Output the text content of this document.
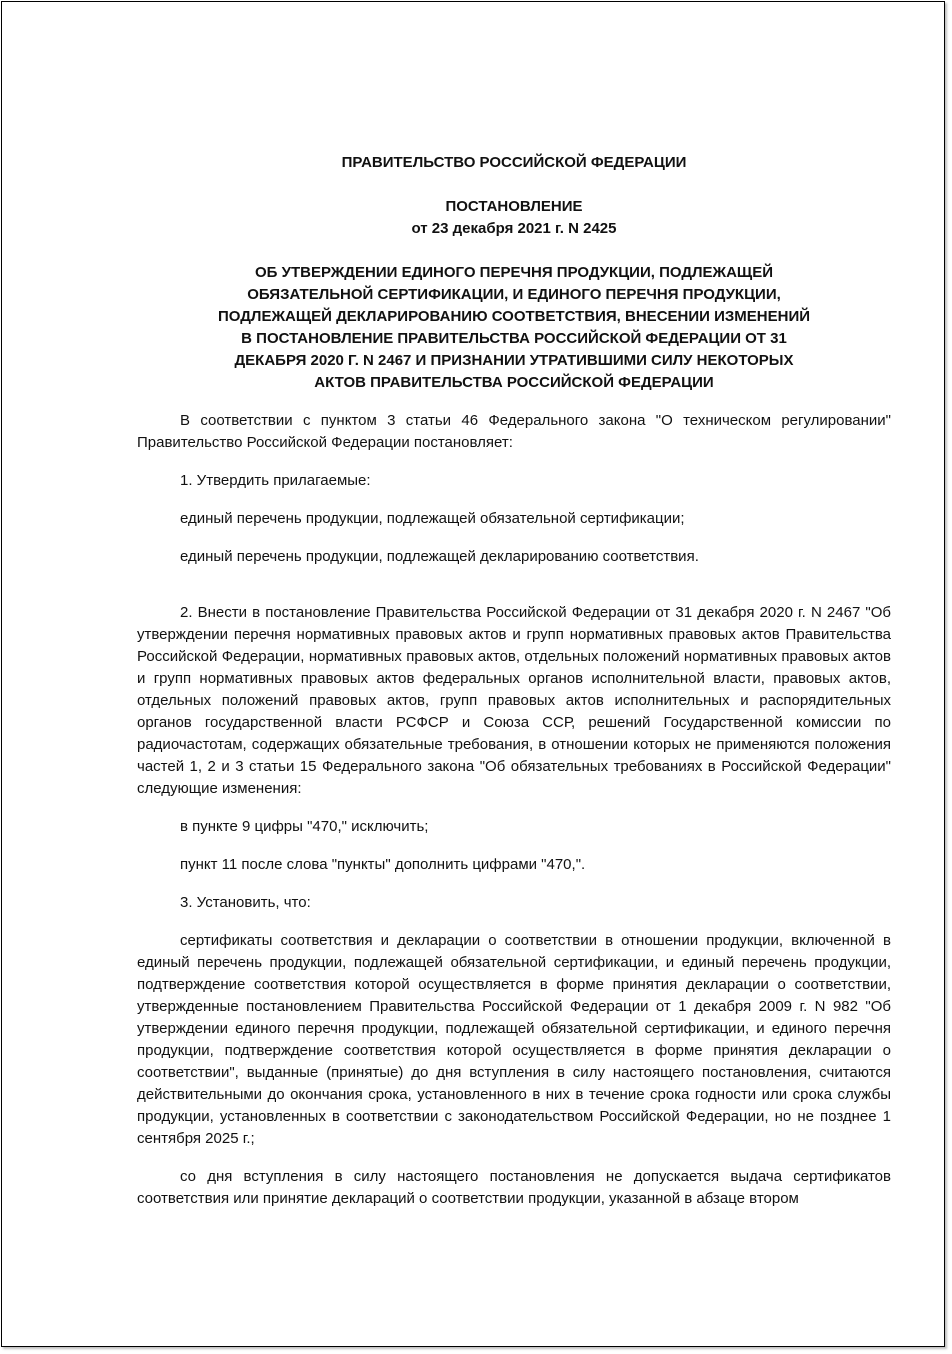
ПРАВИТЕЛЬСТВО РОССИЙСКОЙ ФЕДЕРАЦИИ
ПОСТАНОВЛЕНИЕ
от 23 декабря 2021 г. N 2425
ОБ УТВЕРЖДЕНИИ ЕДИНОГО ПЕРЕЧНЯ ПРОДУКЦИИ, ПОДЛЕЖАЩЕЙ ОБЯЗАТЕЛЬНОЙ СЕРТИФИКАЦИИ, И ЕДИНОГО ПЕРЕЧНЯ ПРОДУКЦИИ, ПОДЛЕЖАЩЕЙ ДЕКЛАРИРОВАНИЮ СООТВЕТСТВИЯ, ВНЕСЕНИИ ИЗМЕНЕНИЙ В ПОСТАНОВЛЕНИЕ ПРАВИТЕЛЬСТВА РОССИЙСКОЙ ФЕДЕРАЦИИ ОТ 31 ДЕКАБРЯ 2020 Г. N 2467 И ПРИЗНАНИИ УТРАТИВШИМИ СИЛУ НЕКОТОРЫХ АКТОВ ПРАВИТЕЛЬСТВА РОССИЙСКОЙ ФЕДЕРАЦИИ

В соответствии с пунктом 3 статьи 46 Федерального закона "О техническом регулировании" Правительство Российской Федерации постановляет:

1. Утвердить прилагаемые:

единый перечень продукции, подлежащей обязательной сертификации;

единый перечень продукции, подлежащей декларированию соответствия.

2. Внести в постановление Правительства Российской Федерации от 31 декабря 2020 г. N 2467 "Об утверждении перечня нормативных правовых актов и групп нормативных правовых актов Правительства Российской Федерации, нормативных правовых актов, отдельных положений нормативных правовых актов и групп нормативных правовых актов федеральных органов исполнительной власти, правовых актов, отдельных положений правовых актов, групп правовых актов исполнительных и распорядительных органов государственной власти РСФСР и Союза ССР, решений Государственной комиссии по радиочастотам, содержащих обязательные требования, в отношении которых не применяются положения частей 1, 2 и 3 статьи 15 Федерального закона "Об обязательных требованиях в Российской Федерации" следующие изменения:

в пункте 9 цифры "470," исключить;

пункт 11 после слова "пункты" дополнить цифрами "470,".

3. Установить, что:

сертификаты соответствия и декларации о соответствии в отношении продукции, включенной в единый перечень продукции, подлежащей обязательной сертификации, и единый перечень продукции, подтверждение соответствия которой осуществляется в форме принятия декларации о соответствии, утвержденные постановлением Правительства Российской Федерации от 1 декабря 2009 г. N 982 "Об утверждении единого перечня продукции, подлежащей обязательной сертификации, и единого перечня продукции, подтверждение соответствия которой осуществляется в форме принятия декларации о соответствии", выданные (принятые) до дня вступления в силу настоящего постановления, считаются действительными до окончания срока, установленного в них в течение срока годности или срока службы продукции, установленных в соответствии с законодательством Российской Федерации, но не позднее 1 сентября 2025 г.;

со дня вступления в силу настоящего постановления не допускается выдача сертификатов соответствия или принятие деклараций о соответствии продукции, указанной в абзаце втором
